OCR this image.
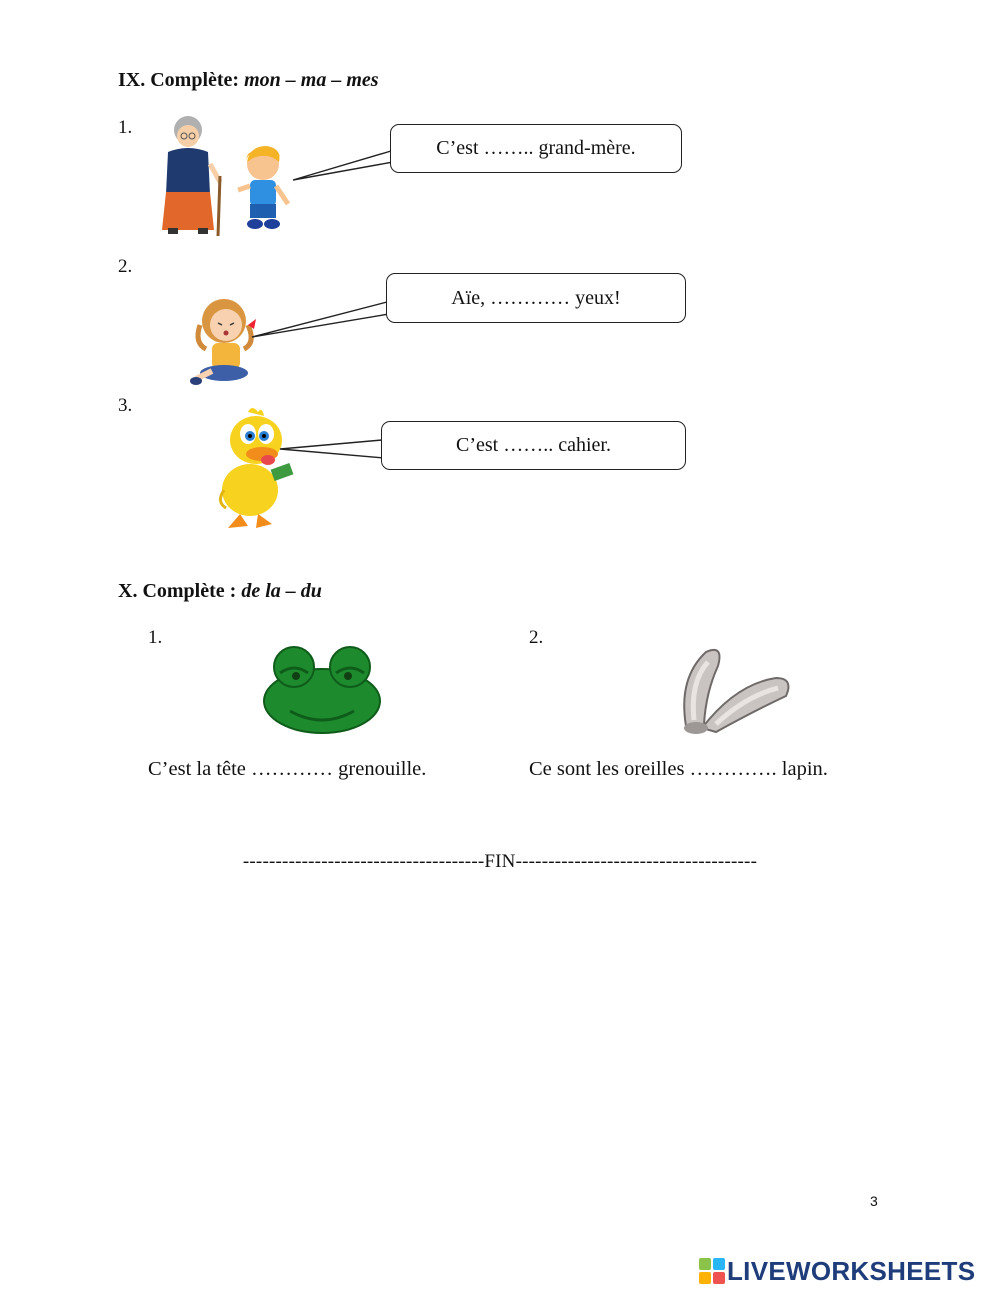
IX. Complète: mon – ma – mes
1.
C’est …….. grand-mère.
2.
Aïe, ………… yeux!
3.
C’est …….. cahier.
X. Complète : de la – du
1.
C’est la tête ………… grenouille.
2.
Ce sont les oreilles …………. lapin.
-------------------------------------FIN-------------------------------------
3
LIVEWORKSHEETS
